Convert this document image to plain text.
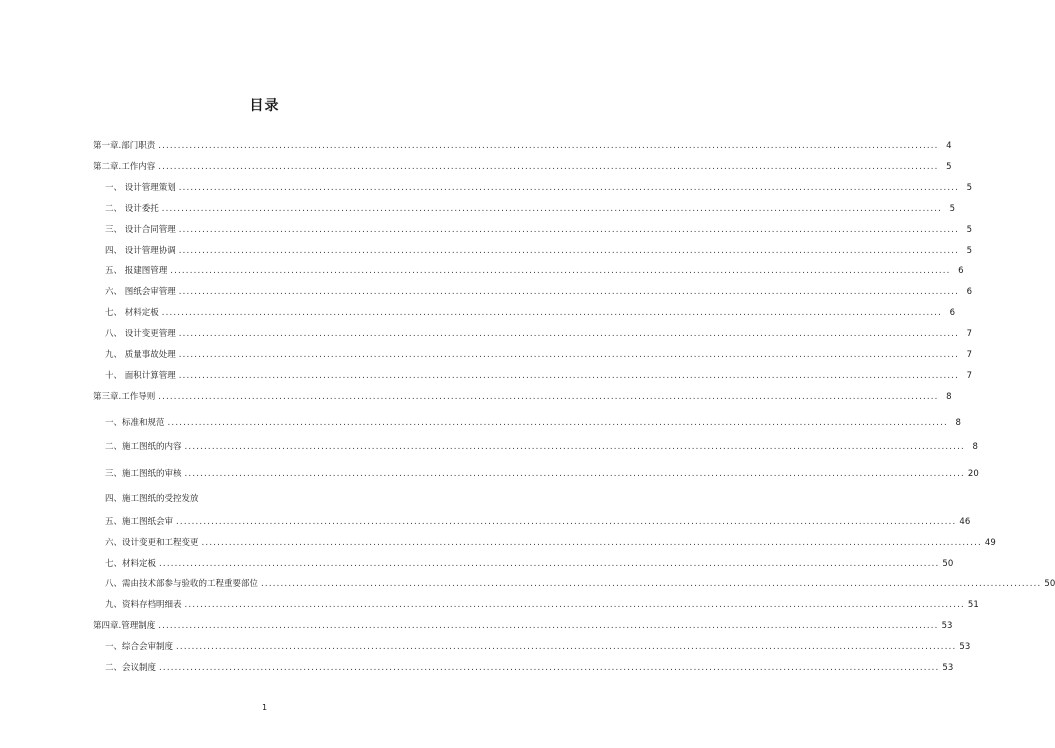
目录
第一章.部门职责 ........................................................................................................................................................................................................ 4
第二章.工作内容 ........................................................................................................................................................................................................ 5
一、 设计管理策划 ........................................................................................................................................................................................................ 5
二、 设计委托 ........................................................................................................................................................................................................ 5
三、 设计合同管理 ........................................................................................................................................................................................................ 5
四、 设计管理协调 ........................................................................................................................................................................................................ 5
五、 报建图管理 ........................................................................................................................................................................................................ 6
六、 图纸会审管理 ........................................................................................................................................................................................................ 6
七、 材料定板 ........................................................................................................................................................................................................ 6
八、 设计变更管理 ........................................................................................................................................................................................................ 7
九、 质量事故处理 ........................................................................................................................................................................................................ 7
十、 面积计算管理 ........................................................................................................................................................................................................ 7
第三章.工作导则 ........................................................................................................................................................................................................ 8
一、标准和规范 ........................................................................................................................................................................................................ 8
二、施工图纸的内容 ........................................................................................................................................................................................................ 8
三、施工图纸的审核 ........................................................................................................................................................................................................ 20
四、施工图纸的受控发放
五、施工图纸会审 ........................................................................................................................................................................................................ 46
六、设计变更和工程变更 ........................................................................................................................................................................................................ 49
七、材料定板 ........................................................................................................................................................................................................ 50
八、需由技术部参与验收的工程重要部位 ........................................................................................................................................................................................................ 50
九、资料存档明细表 ........................................................................................................................................................................................................ 51
第四章.管理制度 ........................................................................................................................................................................................................ 53
一、综合会审制度 ........................................................................................................................................................................................................ 53
二、会议制度 ........................................................................................................................................................................................................ 53
1
